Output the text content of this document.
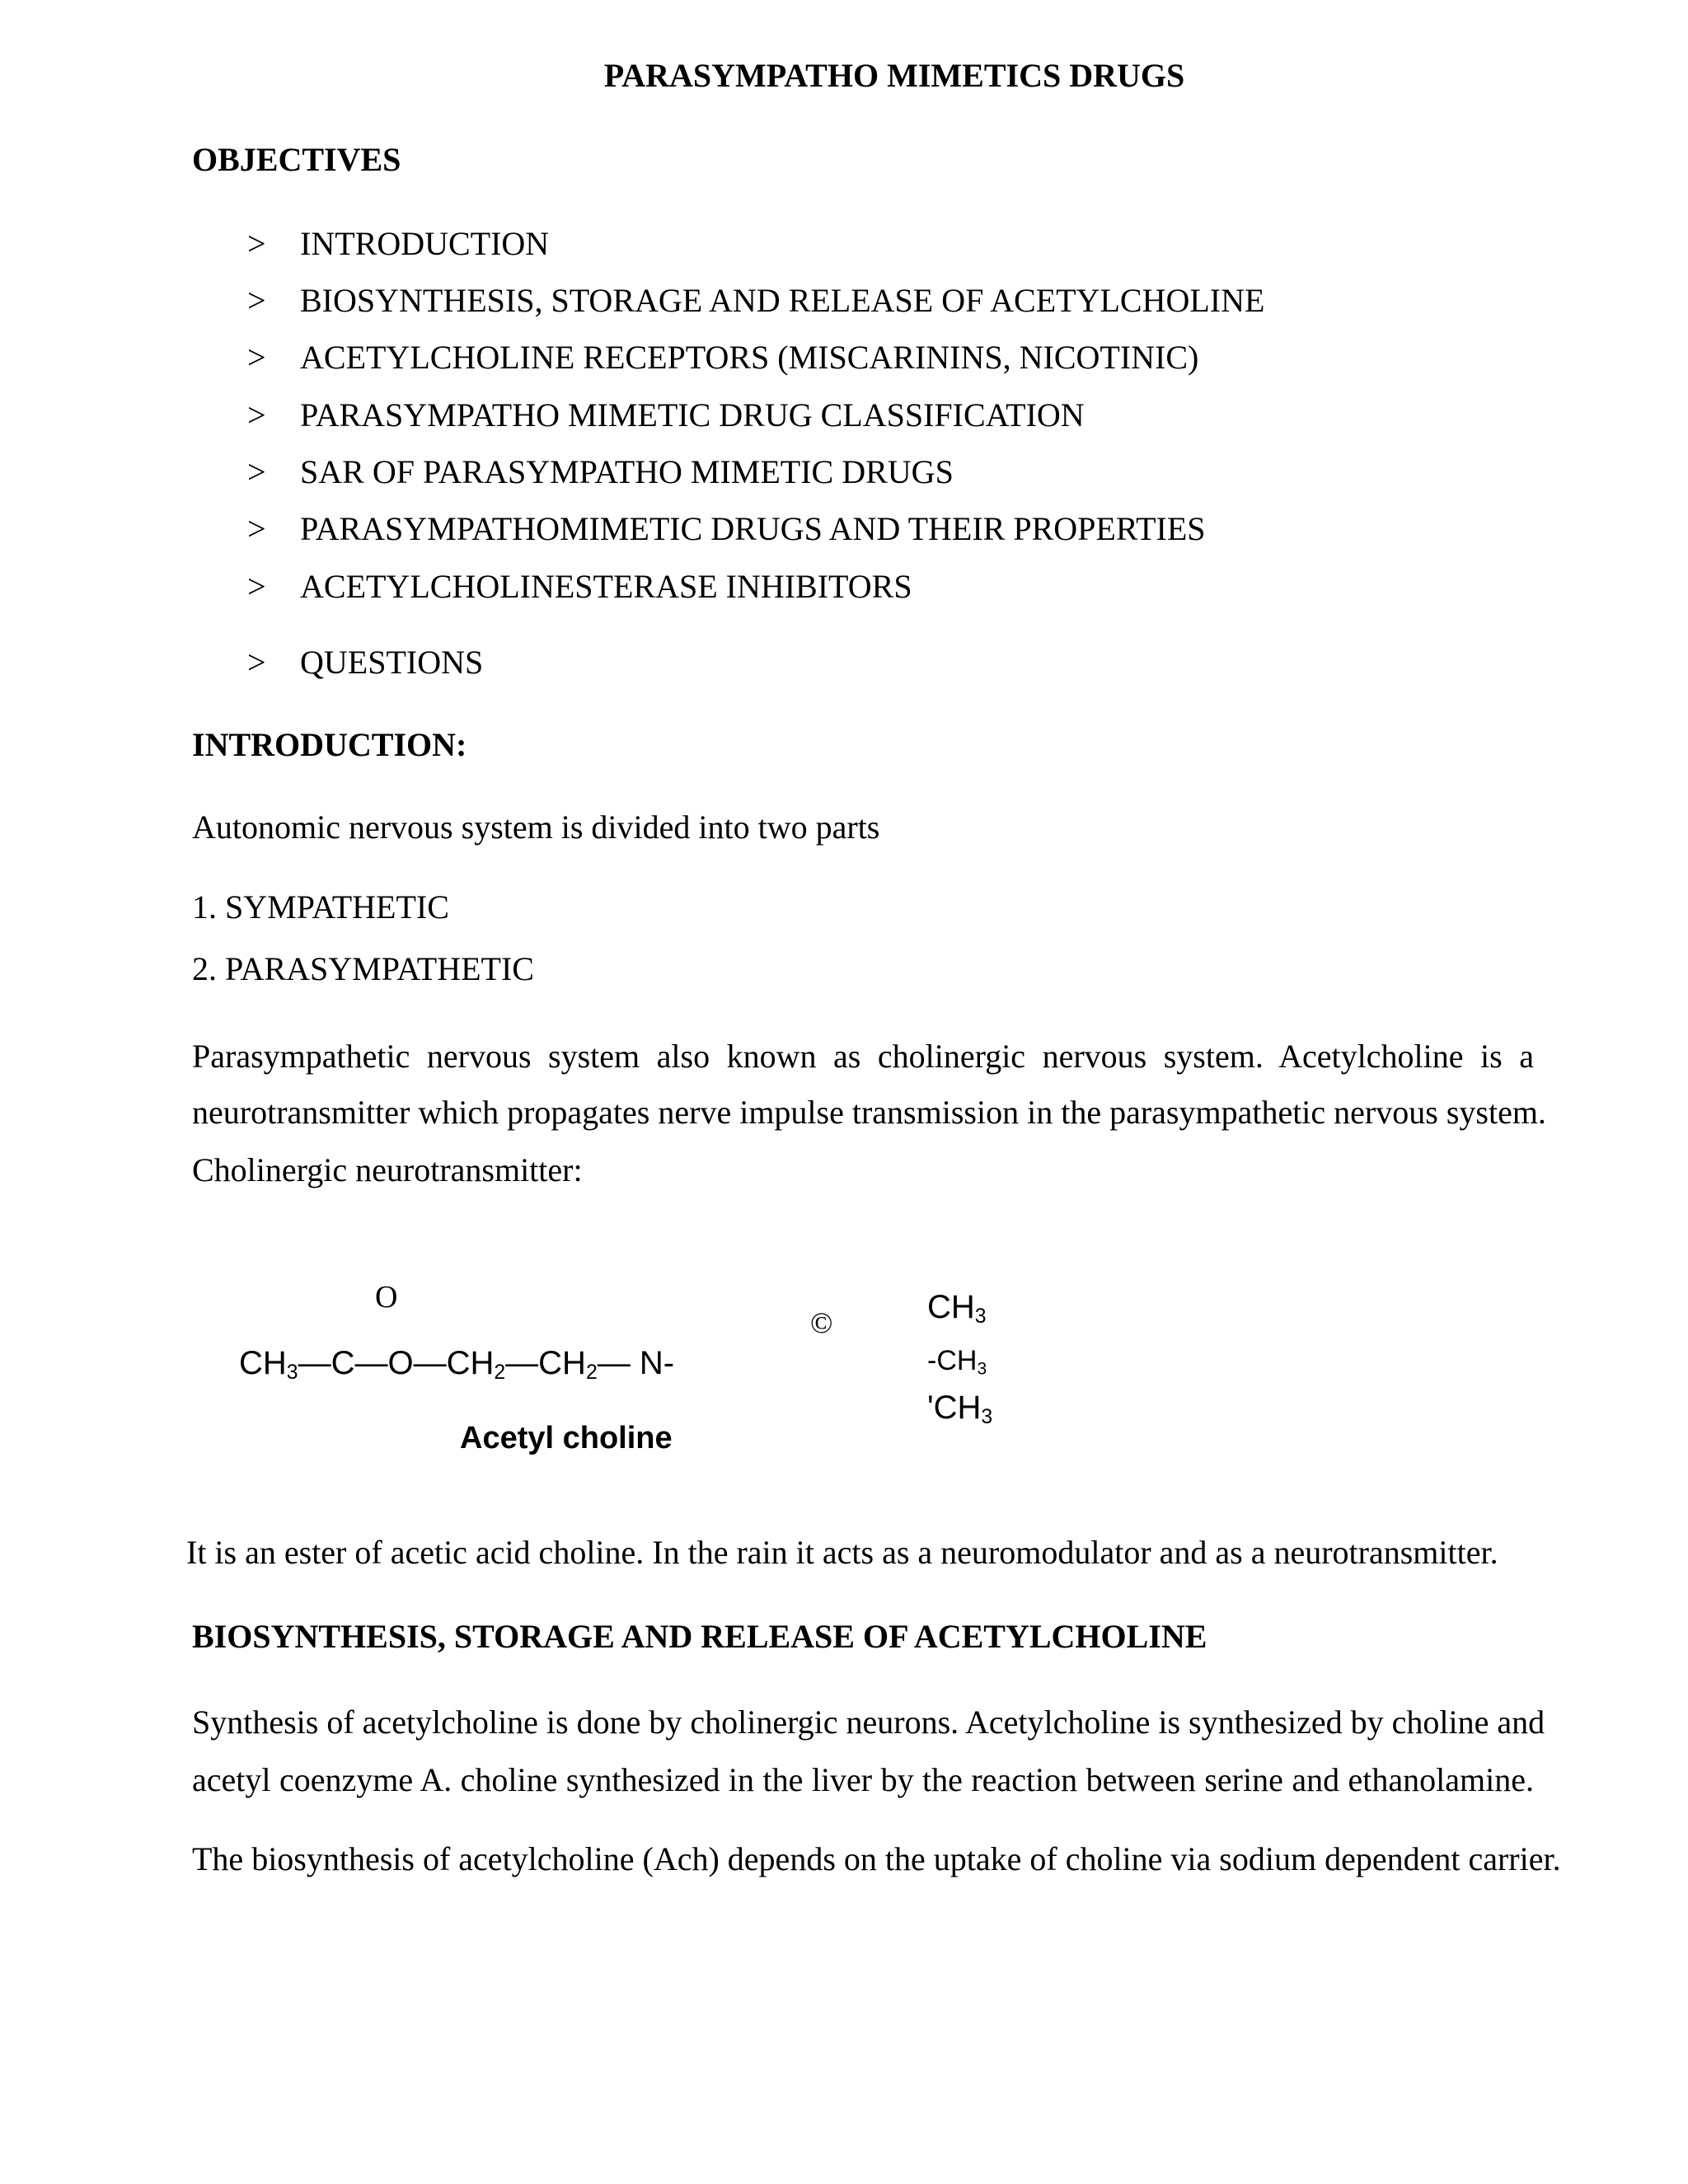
PARASYMPATHO MIMETICS DRUGS
OBJECTIVES
> INTRODUCTION
> BIOSYNTHESIS, STORAGE AND RELEASE OF ACETYLCHOLINE
> ACETYLCHOLINE RECEPTORS (MISCARININS, NICOTINIC)
> PARASYMPATHO MIMETIC DRUG CLASSIFICATION
> SAR OF PARASYMPATHO MIMETIC DRUGS
> PARASYMPATHOMIMETIC DRUGS AND THEIR PROPERTIES
> ACETYLCHOLINESTERASE INHIBITORS
> QUESTIONS
INTRODUCTION:
Autonomic nervous system is divided into two parts
1. SYMPATHETIC
2. PARASYMPATHETIC
Parasympathetic nervous system also known as cholinergic nervous system. Acetylcholine is a
neurotransmitter which propagates nerve impulse transmission in the parasympathetic nervous system.
Cholinergic neurotransmitter:
O
$CH_3—C—O—CH_2—CH_2—$ N-
©	$CH_3$
$-CH_3$
'$CH_3$
Acetyl choline
It is an ester of acetic acid choline. In the rain it acts as a neuromodulator and as a neurotransmitter.
BIOSYNTHESIS, STORAGE AND RELEASE OF ACETYLCHOLINE
Synthesis of acetylcholine is done by cholinergic neurons. Acetylcholine is synthesized by choline and
acetyl coenzyme A. choline synthesized in the liver by the reaction between serine and ethanolamine.
The biosynthesis of acetylcholine (Ach) depends on the uptake of choline via sodium dependent carrier.
